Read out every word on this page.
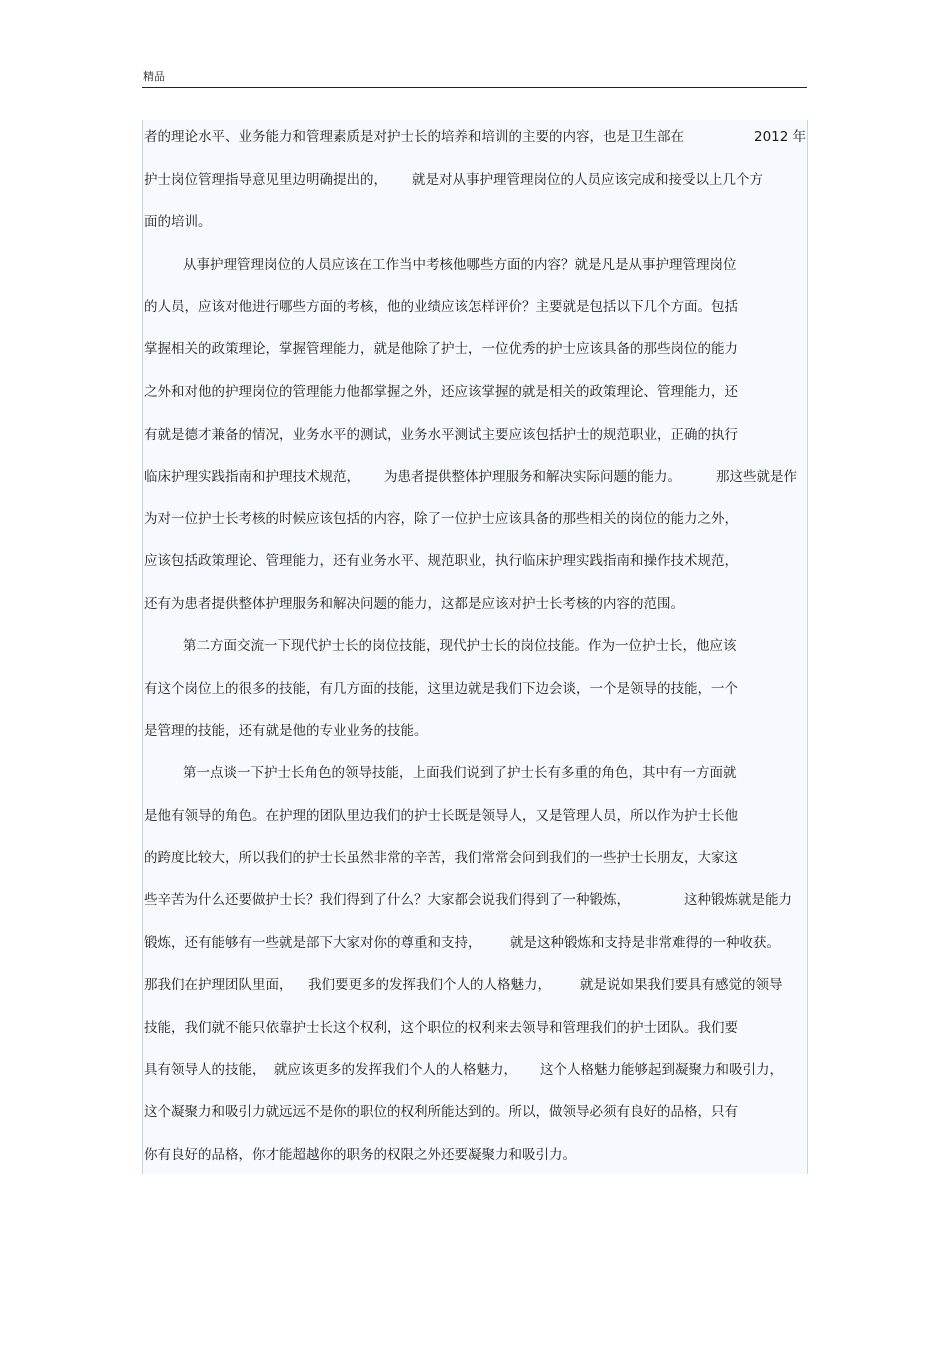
精品
者的理论水平、业务能力和管理素质是对护士长的培养和培训的主要的内容，也是卫生部在	2012 年
护士岗位管理指导意见里边明确提出的， 就是对从事护理管理岗位的人员应该完成和接受以上几个方
面的培训。
从事护理管理岗位的人员应该在工作当中考核他哪些方面的内容？就是凡是从事护理管理岗位
的人员，应该对他进行哪些方面的考核，他的业绩应该怎样评价？主要就是包括以下几个方面。包括
掌握相关的政策理论，掌握管理能力，就是他除了护士，一位优秀的护士应该具备的那些岗位的能力
之外和对他的护理岗位的管理能力他都掌握之外，还应该掌握的就是相关的政策理论、管理能力，还
有就是德才兼备的情况，业务水平的测试，业务水平测试主要应该包括护士的规范职业，正确的执行
临床护理实践指南和护理技术规范， 为患者提供整体护理服务和解决实际问题的能力。	那这些就是作
为对一位护士长考核的时候应该包括的内容，除了一位护士应该具备的那些相关的岗位的能力之外，
应该包括政策理论、管理能力，还有业务水平、规范职业，执行临床护理实践指南和操作技术规范，
还有为患者提供整体护理服务和解决问题的能力，这都是应该对护士长考核的内容的范围。
第二方面交流一下现代护士长的岗位技能，现代护士长的岗位技能。作为一位护士长，他应该
有这个岗位上的很多的技能，有几方面的技能，这里边就是我们下边会谈，一个是领导的技能，一个
是管理的技能，还有就是他的专业业务的技能。
第一点谈一下护士长角色的领导技能，上面我们说到了护士长有多重的角色，其中有一方面就
是他有领导的角色。在护理的团队里边我们的护士长既是领导人，又是管理人员，所以作为护士长他
的跨度比较大，所以我们的护士长虽然非常的辛苦，我们常常会问到我们的一些护士长朋友，大家这
些辛苦为什么还要做护士长？我们得到了什么？大家都会说我们得到了一种锻炼，	这种锻炼就是能力
锻炼，还有能够有一些就是部下大家对你的尊重和支持， 就是这种锻炼和支持是非常难得的一种收获。
那我们在护理团队里面， 我们要更多的发挥我们个人的人格魅力， 就是说如果我们要具有感觉的领导
技能，我们就不能只依靠护士长这个权利，这个职位的权利来去领导和管理我们的护士团队。我们要
具有领导人的技能， 就应该更多的发挥我们个人的人格魅力， 这个人格魅力能够起到凝聚力和吸引力，
这个凝聚力和吸引力就远远不是你的职位的权利所能达到的。所以，做领导必须有良好的品格，只有
你有良好的品格，你才能超越你的职务的权限之外还要凝聚力和吸引力。
